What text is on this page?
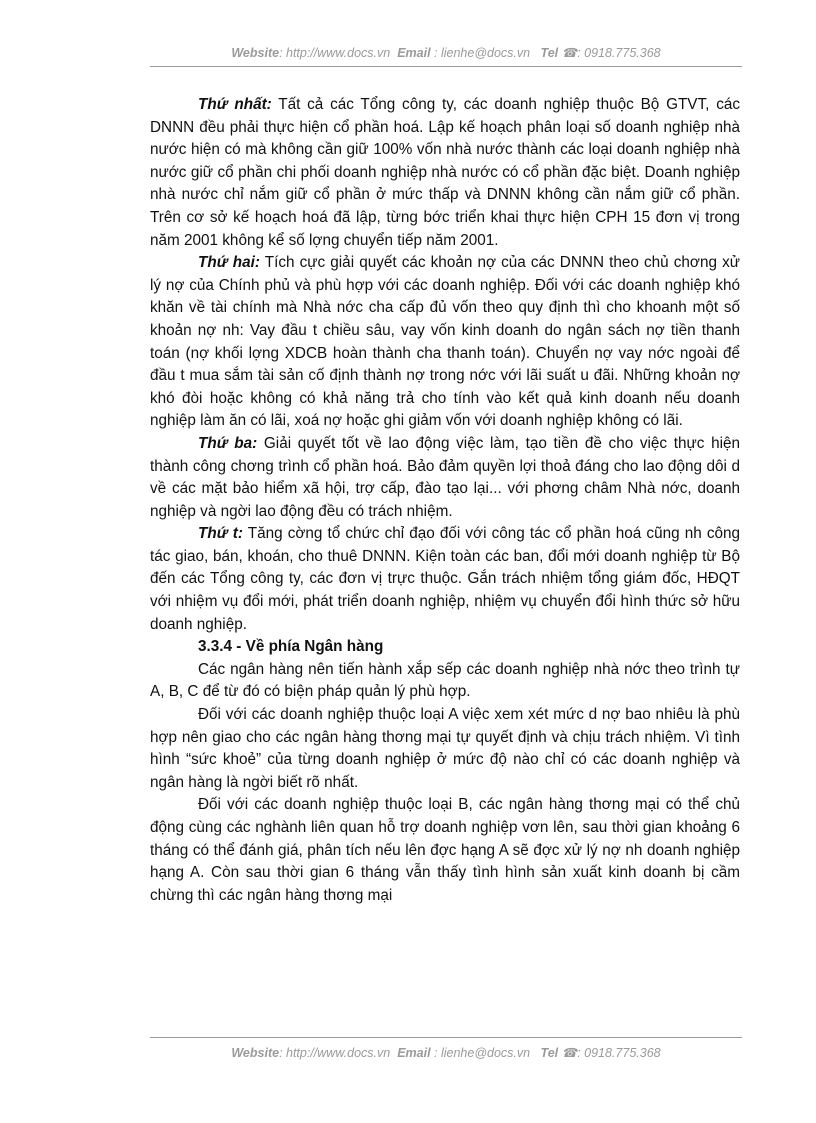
Website: http://www.docs.vn Email : lienhe@docs.vn Tel ☎: 0918.775.368

Thứ nhất: Tất cả các Tổng công ty, các doanh nghiệp thuộc Bộ GTVT, các DNNN đều phải thực hiện cổ phần hoá. Lập kế hoạch phân loại số doanh nghiệp nhà nước hiện có mà không cần giữ 100% vốn nhà nước thành các loại doanh nghiệp nhà nước giữ cổ phần chi phối doanh nghiệp nhà nước có cổ phần đặc biệt. Doanh nghiệp nhà nước chỉ nắm giữ cổ phần ở mức thấp và DNNN không cần nắm giữ cổ phần. Trên cơ sở kế hoạch hoá đã lập, từng bớc triển khai thực hiện CPH 15 đơn vị trong năm 2001 không kể số lợng chuyển tiếp năm 2001.

Thứ hai: Tích cực giải quyết các khoản nợ của các DNNN theo chủ chơng xử lý nợ của Chính phủ và phù hợp với các doanh nghiệp. Đối với các doanh nghiệp khó khăn về tài chính mà Nhà nớc cha cấp đủ vốn theo quy định thì cho khoanh một số khoản nợ nh: Vay đầu t chiều sâu, vay vốn kinh doanh do ngân sách nợ tiền thanh toán (nợ khối lợng XDCB hoàn thành cha thanh toán). Chuyển nợ vay nớc ngoài để đầu t mua sắm tài sản cố định thành nợ trong nớc với lãi suất u đãi. Những khoản nợ khó đòi hoặc không có khả năng trả cho tính vào kết quả kinh doanh nếu doanh nghiệp làm ăn có lãi, xoá nợ hoặc ghi giảm vốn với doanh nghiệp không có lãi.

Thứ ba: Giải quyết tốt về lao động việc làm, tạo tiền đề cho việc thực hiện thành công chơng trình cổ phần hoá. Bảo đảm quyền lợi thoả đáng cho lao động dôi d về các mặt bảo hiểm xã hội, trợ cấp, đào tạo lại... với phơng châm Nhà nớc, doanh nghiệp và ngời lao động đều có trách nhiệm.

Thứ t: Tăng cờng tổ chức chỉ đạo đối với công tác cổ phần hoá cũng nh công tác giao, bán, khoán, cho thuê DNNN. Kiện toàn các ban, đổi mới doanh nghiệp từ Bộ đến các Tổng công ty, các đơn vị trực thuộc. Gắn trách nhiệm tổng giám đốc, HĐQT với nhiệm vụ đổi mới, phát triển doanh nghiệp, nhiệm vụ chuyển đổi hình thức sở hữu doanh nghiệp.

3.3.4 - Về phía Ngân hàng

Các ngân hàng nên tiến hành xắp sếp các doanh nghiệp nhà nớc theo trình tự A, B, C để từ đó có biện pháp quản lý phù hợp.

Đối với các doanh nghiệp thuộc loại A việc xem xét mức d nợ bao nhiêu là phù hợp nên giao cho các ngân hàng thơng mại tự quyết định và chịu trách nhiệm. Vì tình hình “sức khoẻ” của từng doanh nghiệp ở mức độ nào chỉ có các doanh nghiệp và ngân hàng là ngời biết rõ nhất.

Đối với các doanh nghiệp thuộc loại B, các ngân hàng thơng mại có thể chủ động cùng các nghành liên quan hỗ trợ doanh nghiệp vơn lên, sau thời gian khoảng 6 tháng có thể đánh giá, phân tích nếu lên đợc hạng A sẽ đợc xử lý nợ nh doanh nghiệp hạng A. Còn sau thời gian 6 tháng vẫn thấy tình hình sản xuất kinh doanh bị cầm chừng thì các ngân hàng thơng mại

Website: http://www.docs.vn Email : lienhe@docs.vn Tel ☎: 0918.775.368
